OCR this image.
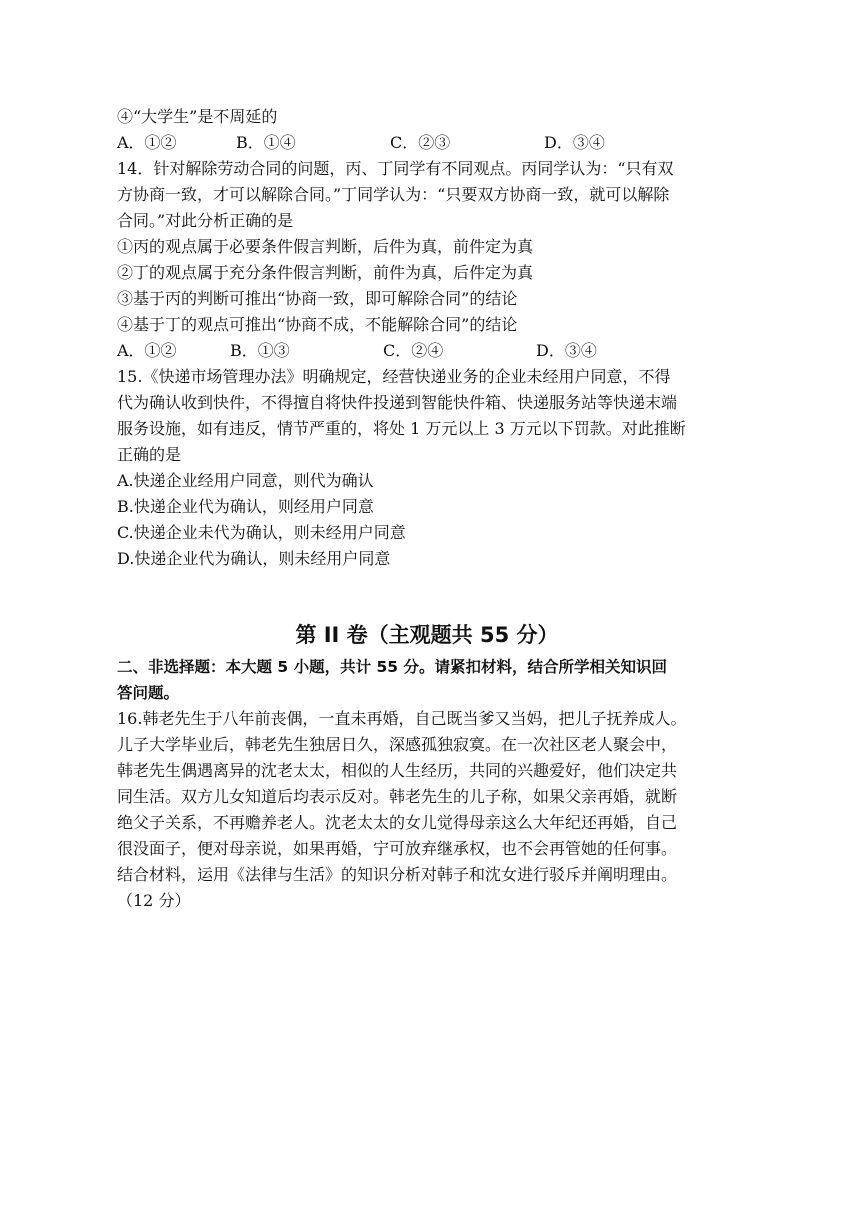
④“大学生”是不周延的
A．①②	B．①④	C．②③	D．③④
14．针对解除劳动合同的问题，丙、丁同学有不同观点。丙同学认为：“只有双
方协商一致，才可以解除合同。”丁同学认为：“只要双方协商一致，就可以解除
合同。”对此分析正确的是
①丙的观点属于必要条件假言判断，后件为真，前件定为真
②丁的观点属于充分条件假言判断，前件为真，后件定为真
③基于丙的判断可推出“协商一致，即可解除合同”的结论
④基于丁的观点可推出“协商不成，不能解除合同”的结论
A．①②	B．①③	C．②④	D．③④
15.《快递市场管理办法》明确规定，经营快递业务的企业未经用户同意，不得
代为确认收到快件，不得擅自将快件投递到智能快件箱、快递服务站等快递末端
服务设施，如有违反，情节严重的，将处 1 万元以上 3 万元以下罚款。对此推断
正确的是
A.快递企业经用户同意，则代为确认
B.快递企业代为确认，则经用户同意
C.快递企业未代为确认，则未经用户同意
D.快递企业代为确认，则未经用户同意
第 II 卷（主观题共 55 分）
二、非选择题：本大题 5 小题，共计 55 分。请紧扣材料，结合所学相关知识回
答问题。
16.韩老先生于八年前丧偶，一直未再婚，自己既当爹又当妈，把儿子抚养成人。
儿子大学毕业后，韩老先生独居日久，深感孤独寂寞。在一次社区老人聚会中，
韩老先生偶遇离异的沈老太太，相似的人生经历，共同的兴趣爱好，他们决定共
同生活。双方儿女知道后均表示反对。韩老先生的儿子称，如果父亲再婚，就断
绝父子关系，不再赡养老人。沈老太太的女儿觉得母亲这么大年纪还再婚，自己
很没面子，便对母亲说，如果再婚，宁可放弃继承权，也不会再管她的任何事。
结合材料，运用《法律与生活》的知识分析对韩子和沈女进行驳斥并阐明理由。
（12 分）
